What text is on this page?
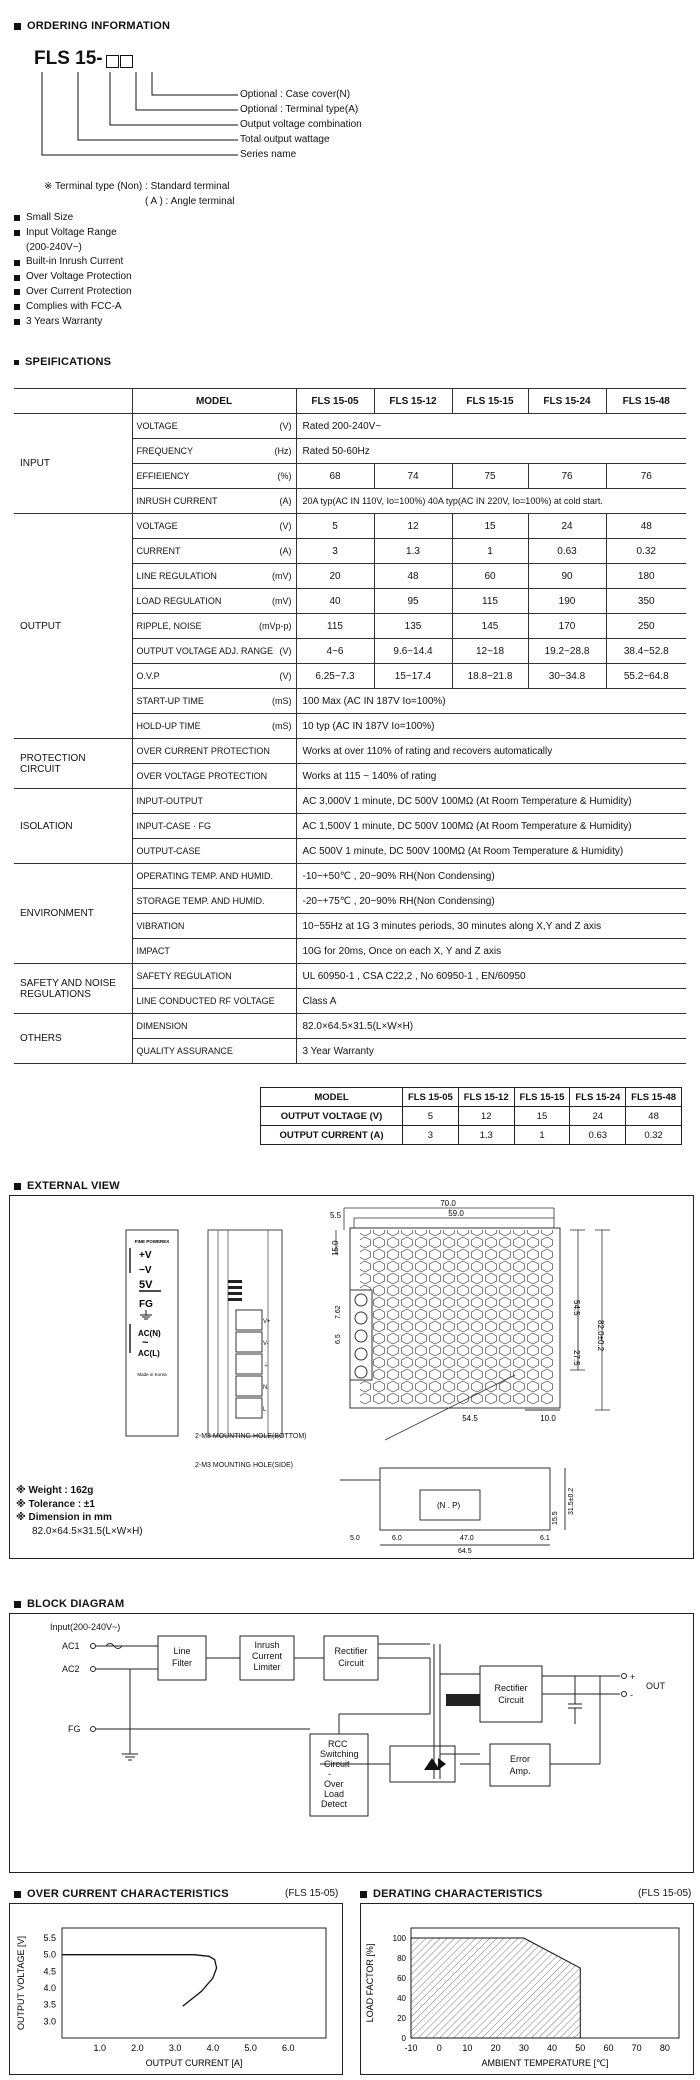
ORDERING INFORMATION
FLS 15-
Optional : Case cover(N)
Optional : Terminal type(A)
Output voltage combination
Total output wattage
Series name
※ Terminal type (Non) : Standard terminal
( A ) : Angle terminal
Small Size
Input Voltage Range
(200-240V~)
Built-in Inrush Current
Over Voltage Protection
Over Current Protection
Complies with FCC-A
3 Years Warranty
SPEIFICATIONS
	MODEL	FLS 15-05	FLS 15-12	FLS 15-15	FLS 15-24	FLS 15-48
INPUT	VOLTAGE (V)	Rated 200-240V~				
	FREQUENCY (Hz)	Rated 50-60Hz				
	EFFIEIENCY (%)	68	74	75	76	76
	INRUSH CURRENT (A)	20A typ(AC IN 110V, Io=100%) 40A typ(AC IN 220V, Io=100%) at cold start.				
OUTPUT	VOLTAGE (V)	5	12	15	24	48
	CURRENT (A)	3	1.3	1	0.63	0.32
	LINE REGULATION (mV)	20	48	60	90	180
	LOAD REGULATION (mV)	40	95	115	190	350
	RIPPLE, NOISE (mVp-p)	115	135	145	170	250
	OUTPUT VOLTAGE ADJ. RANGE (V)	4~6	9.6~14.4	12~18	19.2~28.8	38.4~52.8
	O.V.P (V)	6.25~7.3	15~17.4	18.8~21.8	30~34.8	55.2~64.8
	START-UP TIME (mS)	100 Max (AC IN 187V Io=100%)				
	HOLD-UP TIME (mS)	10 typ (AC IN 187V Io=100%)				
PROTECTION CIRCUIT	OVER CURRENT PROTECTION	Works at over 110% of rating and recovers automatically				
	OVER VOLTAGE PROTECTION	Works at 115 ~ 140% of rating				
ISOLATION	INPUT-OUTPUT	AC 3,000V 1 minute, DC 500V 100MΩ (At Room Temperature & Humidity)				
	INPUT-CASE · FG	AC 1,500V 1 minute, DC 500V 100MΩ (At Room Temperature & Humidity)				
	OUTPUT-CASE	AC 500V 1 minute, DC 500V 100MΩ (At Room Temperature & Humidity)				
ENVIRONMENT	OPERATING TEMP. AND HUMID.	-10~+50℃ , 20~90% RH(Non Condensing)				
	STORAGE TEMP. AND HUMID.	-20~+75℃ , 20~90% RH(Non Condensing)				
	VIBRATION	10~55Hz at 1G 3 minutes periods, 30 minutes along X,Y and Z axis				
	IMPACT	10G for 20ms, Once on each X, Y and Z axis				
SAFETY AND NOISE
REGULATIONS	SAFETY REGULATION	UL 60950-1 , CSA C22,2 , No 60950-1 , EN/60950				
	LINE CONDUCTED RF VOLTAGE	Class A				
OTHERS	DIMENSION	82.0×64.5×31.5(L×W×H)				
	QUALITY ASSURANCE	3 Year Warranty				
MODEL	FLS 15-05	FLS 15-12	FLS 15-15	FLS 15-24	FLS 15-48
OUTPUT VOLTAGE (V)	5	12	15	24	48
OUTPUT CURRENT (A)	3	1.3	1	0.63	0.32
EXTERNAL VIEW
FINE POWEREX
+V
−V
5V
FG
AC(N)
~
AC(L)
Made in Korea
V+
V-
⏚
N
L
70.0
59.0
5.5
15.0
54.5
82.0±0.2
27.5
7.62
6.5
54.5	10.0
2-M3 MOUNTING HOLE(BOTTOM)
2-M3 MOUNTING HOLE(SIDE)
(N . P)	31.5±0.2
15.5
5.0	6.0	47.0	6.1
64.5
※ Weight : 162g
※ Tolerance : ±1
※ Dimension in mm
82.0×64.5×31.5(L×W×H)
BLOCK DIAGRAM
Input(200-240V~)
AC1
AC2
FG
Line
Filter
Inrush
Current
Limiter
Rectifier
Circuit
Rectifier
Circuit
RCC
Switching
Circuit
-
Over
Load
Detect
Error
Amp.
OUT
+
-
OVER CURRENT CHARACTERISTICS	(FLS 15-05)
1.0	2.0	3.0	4.0	5.0	6.0
5.5
5.0
4.5
4.0
3.5
3.0
OUTPUT CURRENT [A]
OUTPUT VOLTAGE [V]
DERATING CHARACTERISTICS	(FLS 15-05)
-10 0 10 20 30 40 50 60 70 80
100
80
60
40
20
0
AMBIENT TEMPERATURE [℃]
LOAD FACTOR [%]
